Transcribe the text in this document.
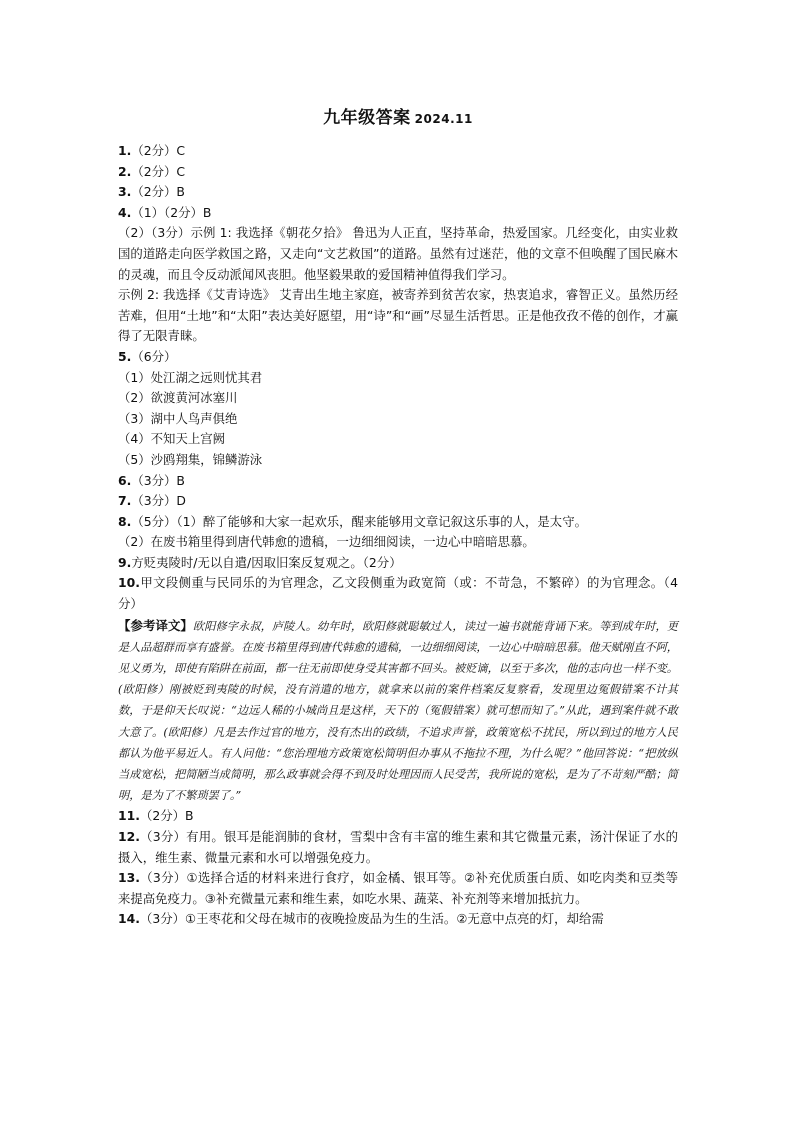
九年级答案 2024.11
1.（2分）C
2.（2分）C
3.（2分）B
4.（1）（2分）B
（2）（3分）示例 1: 我选择《朝花夕拾》 鲁迅为人正直，坚持革命，热爱国家。几经变化，由实业救国的道路走向医学救国之路，又走向“文艺救国”的道路。虽然有过迷茫，他的文章不但唤醒了国民麻木的灵魂，而且令反动派闻风丧胆。他坚毅果敢的爱国精神值得我们学习。
示例 2: 我选择《艾青诗选》 艾青出生地主家庭，被寄养到贫苦农家，热衷追求，睿智正义。虽然历经苦难，但用“土地”和“太阳”表达美好愿望，用“诗”和“画”尽显生活哲思。正是他孜孜不倦的创作，才赢得了无限青睐。
5.（6分）
（1）处江湖之远则忧其君
（2）欲渡黄河冰塞川
（3）湖中人鸟声俱绝
（4）不知天上宫阙
（5）沙鸥翔集，锦鳞游泳
6.（3分）B
7.（3分）D
8.（5分）（1）醉了能够和大家一起欢乐，醒来能够用文章记叙这乐事的人，是太守。
（2）在废书箱里得到唐代韩愈的遗稿，一边细细阅读，一边心中暗暗思慕。
9.方贬夷陵时/无以自遣/因取旧案反复观之。（2分）
10.甲文段侧重与民同乐的为官理念，乙文段侧重为政宽简（或：不苛急，不繁碎）的为官理念。（4分）
【参考译文】欧阳修字永叔，庐陵人。幼年时，欧阳修就聪敏过人，读过一遍书就能背诵下来。等到成年时，更是人品超群而享有盛誉。在废书箱里得到唐代韩愈的遗稿，一边细细阅读，一边心中暗暗思慕。他天赋刚直不阿，见义勇为，即使有陷阱在前面，都一往无前即使身受其害都不回头。被贬谪，以至于多次，他的志向也一样不变。(欧阳修）刚被贬到夷陵的时候，没有消遣的地方，就拿来以前的案件档案反复察看，发现里边冤假错案不计其数，于是仰天长叹说：“边远人稀的小城尚且是这样，天下的（冤假错案）就可想而知了。”从此，遇到案件就不敢大意了。(欧阳修）凡是去作过官的地方，没有杰出的政绩，不追求声誉，政策宽松不扰民，所以到过的地方人民都认为他平易近人。有人问他：“您治理地方政策宽松简明但办事从不拖拉不理，为什么呢？”他回答说：“把放纵当成宽松，把简陋当成简明，那么政事就会得不到及时处理因而人民受苦，我所说的宽松，是为了不苛刻严酷；简明，是为了不繁琐罢了。”
11.（2分）B
12.（3分）有用。银耳是能润肺的食材，雪梨中含有丰富的维生素和其它微量元素，汤汁保证了水的摄入，维生素、微量元素和水可以增强免疫力。
13.（3分）①选择合适的材料来进行食疗，如金橘、银耳等。②补充优质蛋白质、如吃肉类和豆类等来提高免疫力。③补充微量元素和维生素，如吃水果、蔬菜、补充剂等来增加抵抗力。
14.（3分）①王枣花和父母在城市的夜晚捡废品为生的生活。②无意中点亮的灯，却给需
